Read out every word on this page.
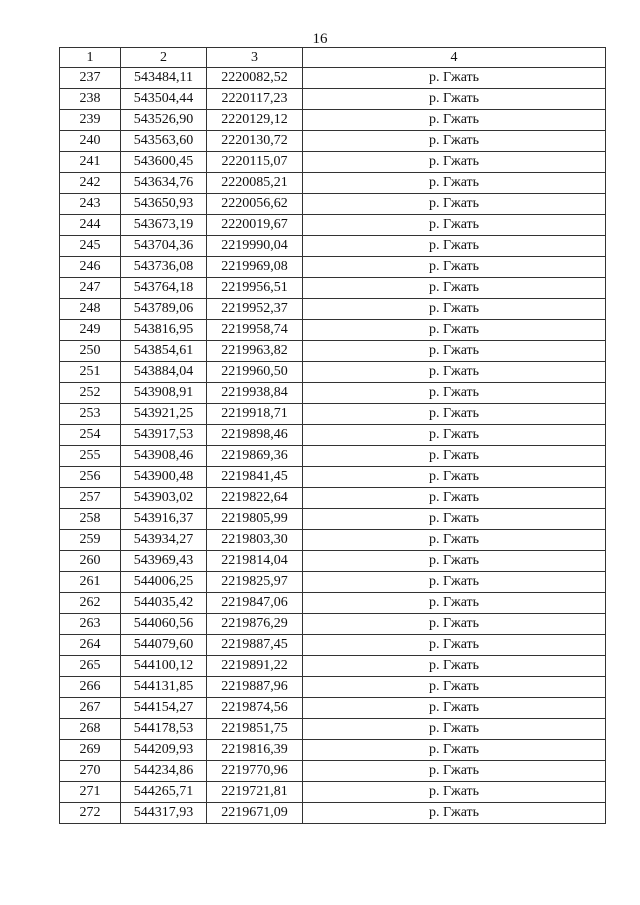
16
1	2	3	4
237	543484,11	2220082,52	р. Гжать
238	543504,44	2220117,23	р. Гжать
239	543526,90	2220129,12	р. Гжать
240	543563,60	2220130,72	р. Гжать
241	543600,45	2220115,07	р. Гжать
242	543634,76	2220085,21	р. Гжать
243	543650,93	2220056,62	р. Гжать
244	543673,19	2220019,67	р. Гжать
245	543704,36	2219990,04	р. Гжать
246	543736,08	2219969,08	р. Гжать
247	543764,18	2219956,51	р. Гжать
248	543789,06	2219952,37	р. Гжать
249	543816,95	2219958,74	р. Гжать
250	543854,61	2219963,82	р. Гжать
251	543884,04	2219960,50	р. Гжать
252	543908,91	2219938,84	р. Гжать
253	543921,25	2219918,71	р. Гжать
254	543917,53	2219898,46	р. Гжать
255	543908,46	2219869,36	р. Гжать
256	543900,48	2219841,45	р. Гжать
257	543903,02	2219822,64	р. Гжать
258	543916,37	2219805,99	р. Гжать
259	543934,27	2219803,30	р. Гжать
260	543969,43	2219814,04	р. Гжать
261	544006,25	2219825,97	р. Гжать
262	544035,42	2219847,06	р. Гжать
263	544060,56	2219876,29	р. Гжать
264	544079,60	2219887,45	р. Гжать
265	544100,12	2219891,22	р. Гжать
266	544131,85	2219887,96	р. Гжать
267	544154,27	2219874,56	р. Гжать
268	544178,53	2219851,75	р. Гжать
269	544209,93	2219816,39	р. Гжать
270	544234,86	2219770,96	р. Гжать
271	544265,71	2219721,81	р. Гжать
272	544317,93	2219671,09	р. Гжать
